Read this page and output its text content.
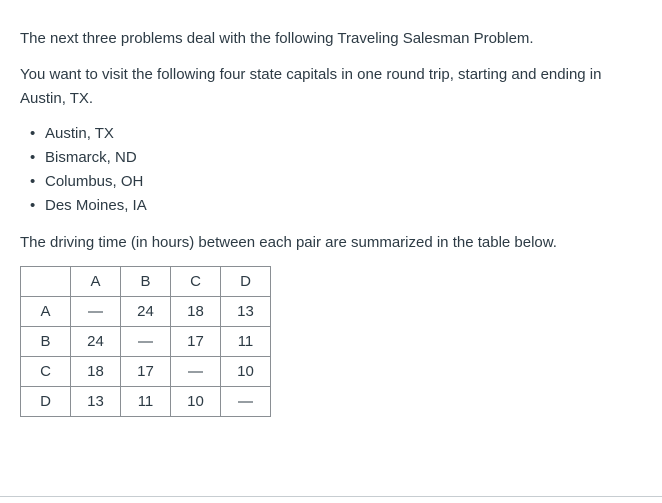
The next three problems deal with the following Traveling Salesman Problem.

You want to visit the following four state capitals in one round trip, starting and ending in Austin, TX.

• Austin, TX
• Bismarck, ND
• Columbus, OH
• Des Moines, IA

The driving time (in hours) between each pair are summarized in the table below.

	A	B	C	D
A	—	24	18	13
B	24	—	17	11
C	18	17	—	10
D	13	11	10	—
